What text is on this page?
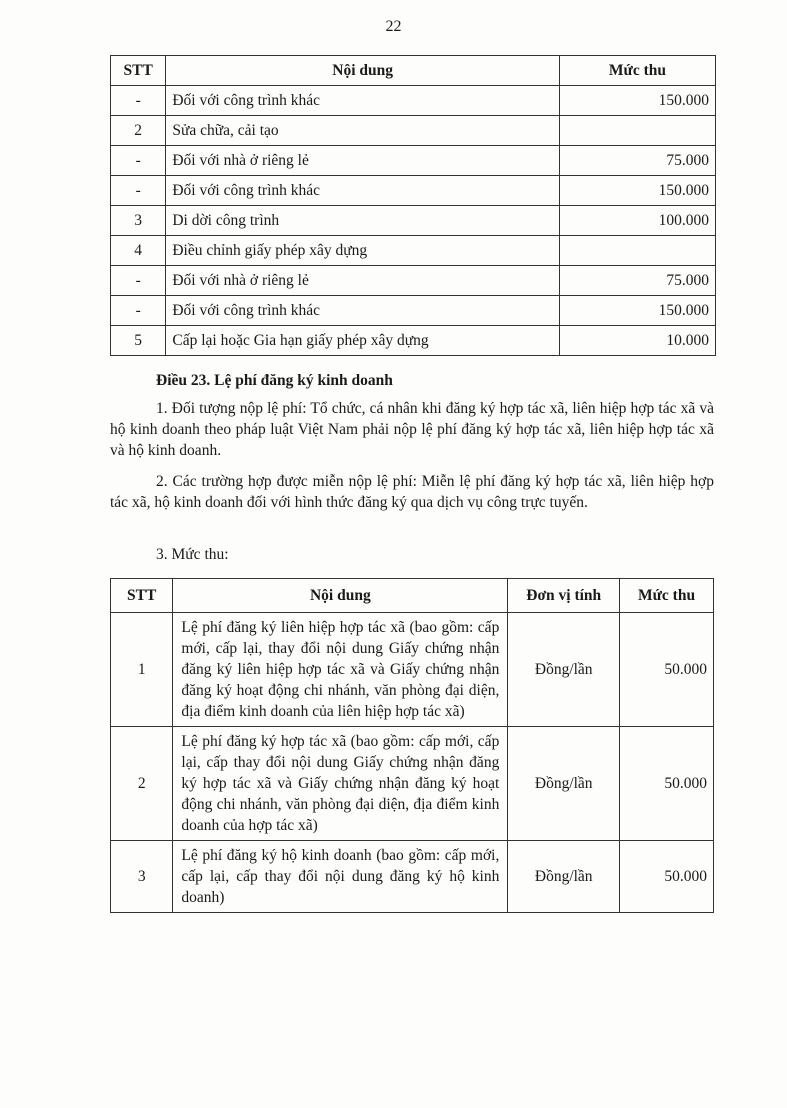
22
STT	Nội dung	Mức thu
-	Đối với công trình khác	150.000
2	Sửa chữa, cải tạo	
-	Đối với nhà ở riêng lẻ	75.000
-	Đối với công trình khác	150.000
3	Di dời công trình	100.000
4	Điều chỉnh giấy phép xây dựng	
-	Đối với nhà ở riêng lẻ	75.000
-	Đối với công trình khác	150.000
5	Cấp lại hoặc Gia hạn giấy phép xây dựng	10.000
Điều 23. Lệ phí đăng ký kinh doanh

1. Đối tượng nộp lệ phí: Tổ chức, cá nhân khi đăng ký hợp tác xã, liên hiệp hợp tác xã và hộ kinh doanh theo pháp luật Việt Nam phải nộp lệ phí đăng ký hợp tác xã, liên hiệp hợp tác xã và hộ kinh doanh.

2. Các trường hợp được miễn nộp lệ phí: Miễn lệ phí đăng ký hợp tác xã, liên hiệp hợp tác xã, hộ kinh doanh đối với hình thức đăng ký qua dịch vụ công trực tuyến.

3. Mức thu:

STT	Nội dung	Đơn vị tính	Mức thu
1	Lệ phí đăng ký liên hiệp hợp tác xã (bao gồm: cấp mới, cấp lại, thay đổi nội dung Giấy chứng nhận đăng ký liên hiệp hợp tác xã và Giấy chứng nhận đăng ký hoạt động chi nhánh, văn phòng đại diện, địa điểm kinh doanh của liên hiệp hợp tác xã)	Đồng/lần	50.000
2	Lệ phí đăng ký hợp tác xã (bao gồm: cấp mới, cấp lại, cấp thay đổi nội dung Giấy chứng nhận đăng ký hợp tác xã và Giấy chứng nhận đăng ký hoạt động chi nhánh, văn phòng đại diện, địa điểm kinh doanh của hợp tác xã)	Đồng/lần	50.000
3	Lệ phí đăng ký hộ kinh doanh (bao gồm: cấp mới, cấp lại, cấp thay đổi nội dung đăng ký hộ kinh doanh)	Đồng/lần	50.000
